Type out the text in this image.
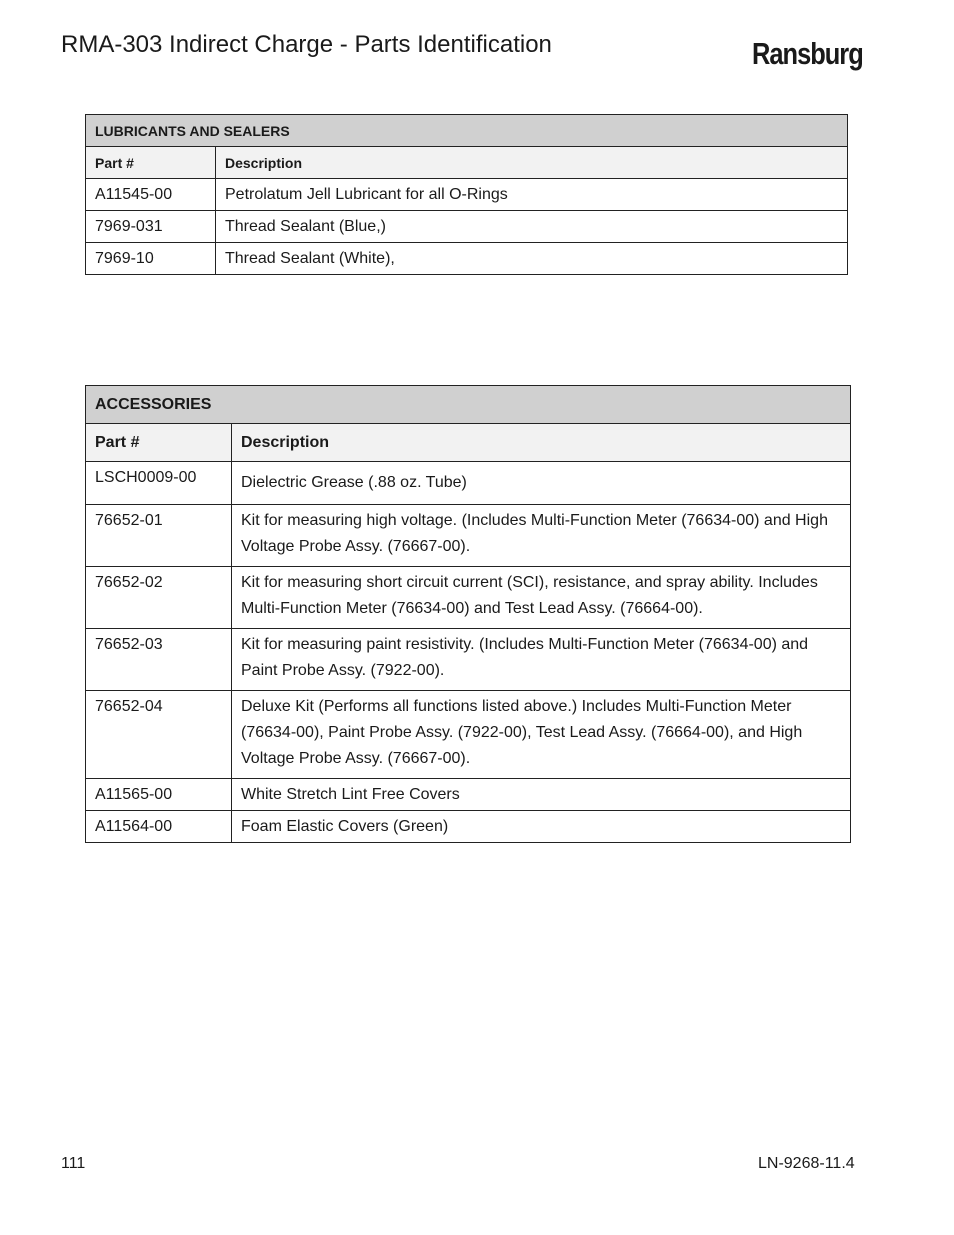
RMA-303 Indirect Charge - Parts Identification	Ransburg
LUBRICANTS AND SEALERS	
Part #	Description
A11545-00	Petrolatum Jell Lubricant for all O-Rings
7969-031	Thread Sealant (Blue,)
7969-10	Thread Sealant (White),
ACCESSORIES	
Part #	Description
LSCH0009-00	Dielectric Grease (.88 oz. Tube)
76652-01	Kit for measuring high voltage. (Includes Multi-Function Meter (76634-00) and High Voltage Probe Assy. (76667-00).
76652-02	Kit for measuring short circuit current (SCI), resistance, and spray ability. Includes Multi-Function Meter (76634-00) and Test Lead Assy. (76664-00).
76652-03	Kit for measuring paint resistivity. (Includes Multi-Function Meter (76634-00) and Paint Probe Assy. (7922-00).
76652-04	Deluxe Kit (Performs all functions listed above.) Includes Multi-Function Meter (76634-00), Paint Probe Assy. (7922-00), Test Lead Assy. (76664-00), and High Voltage Probe Assy. (76667-00).
A11565-00	White Stretch Lint Free Covers
A11564-00	Foam Elastic Covers (Green)
111	LN-9268-11.4
